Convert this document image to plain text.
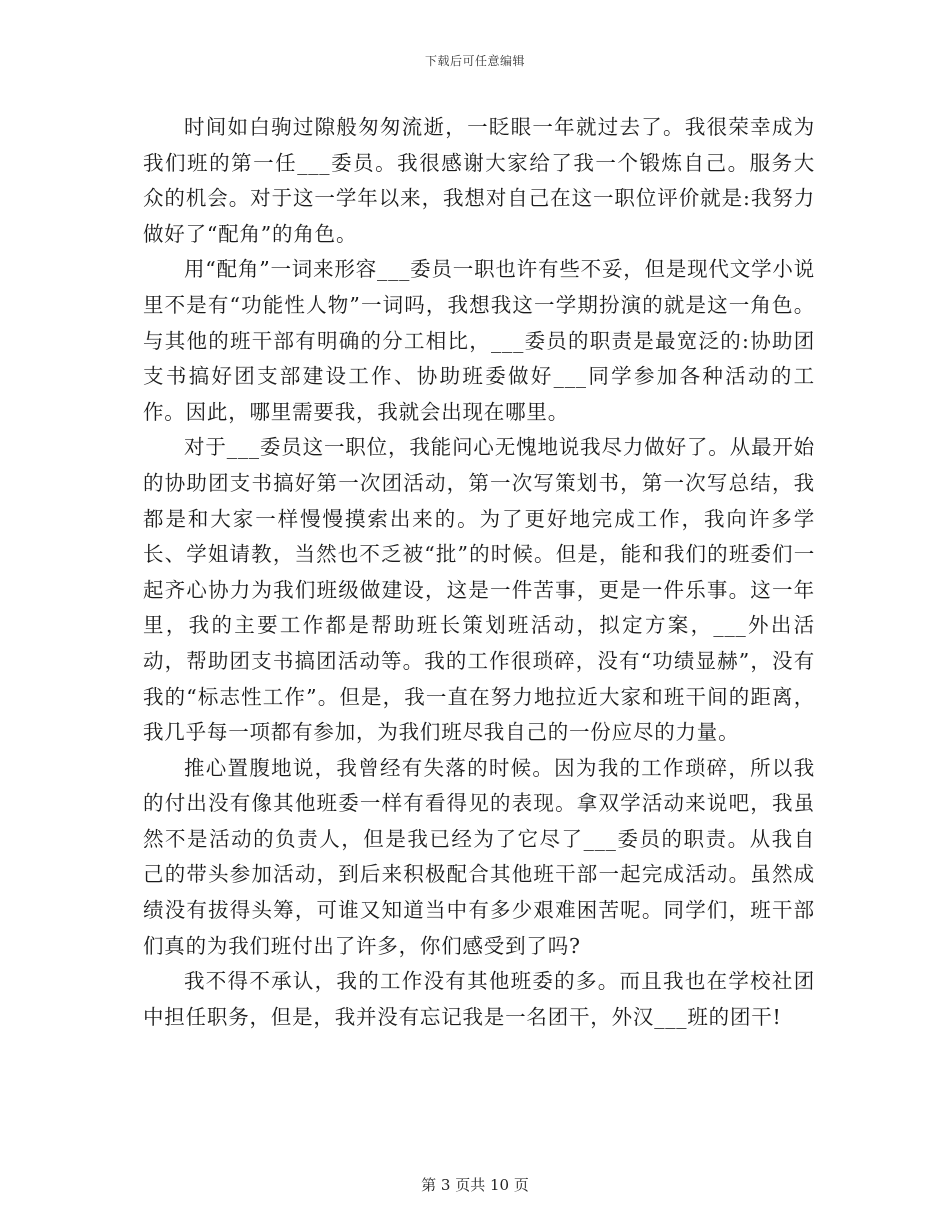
下载后可任意编辑

时间如白驹过隙般匆匆流逝，一眨眼一年就过去了。我很荣幸成为我们班的第一任___委员。我很感谢大家给了我一个锻炼自己。服务大众的机会。对于这一学年以来，我想对自己在这一职位评价就是:我努力做好了“配角”的角色。

用“配角”一词来形容___委员一职也许有些不妥，但是现代文学小说里不是有“功能性人物”一词吗，我想我这一学期扮演的就是这一角色。与其他的班干部有明确的分工相比，___委员的职责是最宽泛的:协助团支书搞好团支部建设工作、协助班委做好___同学参加各种活动的工作。因此，哪里需要我，我就会出现在哪里。

对于___委员这一职位，我能问心无愧地说我尽力做好了。从最开始的协助团支书搞好第一次团活动，第一次写策划书，第一次写总结，我都是和大家一样慢慢摸索出来的。为了更好地完成工作，我向许多学长、学姐请教，当然也不乏被“批”的时候。但是，能和我们的班委们一起齐心协力为我们班级做建设，这是一件苦事，更是一件乐事。这一年里，我的主要工作都是帮助班长策划班活动，拟定方案，___外出活动，帮助团支书搞团活动等。我的工作很琐碎，没有“功绩显赫”，没有我的“标志性工作”。但是，我一直在努力地拉近大家和班干间的距离，我几乎每一项都有参加，为我们班尽我自己的一份应尽的力量。

推心置腹地说，我曾经有失落的时候。因为我的工作琐碎，所以我的付出没有像其他班委一样有看得见的表现。拿双学活动来说吧，我虽然不是活动的负责人，但是我已经为了它尽了___委员的职责。从我自己的带头参加活动，到后来积极配合其他班干部一起完成活动。虽然成绩没有拔得头筹，可谁又知道当中有多少艰难困苦呢。同学们，班干部们真的为我们班付出了许多，你们感受到了吗?

我不得不承认，我的工作没有其他班委的多。而且我也在学校社团中担任职务，但是，我并没有忘记我是一名团干，外汉___班的团干!

第 3 页共 10 页
